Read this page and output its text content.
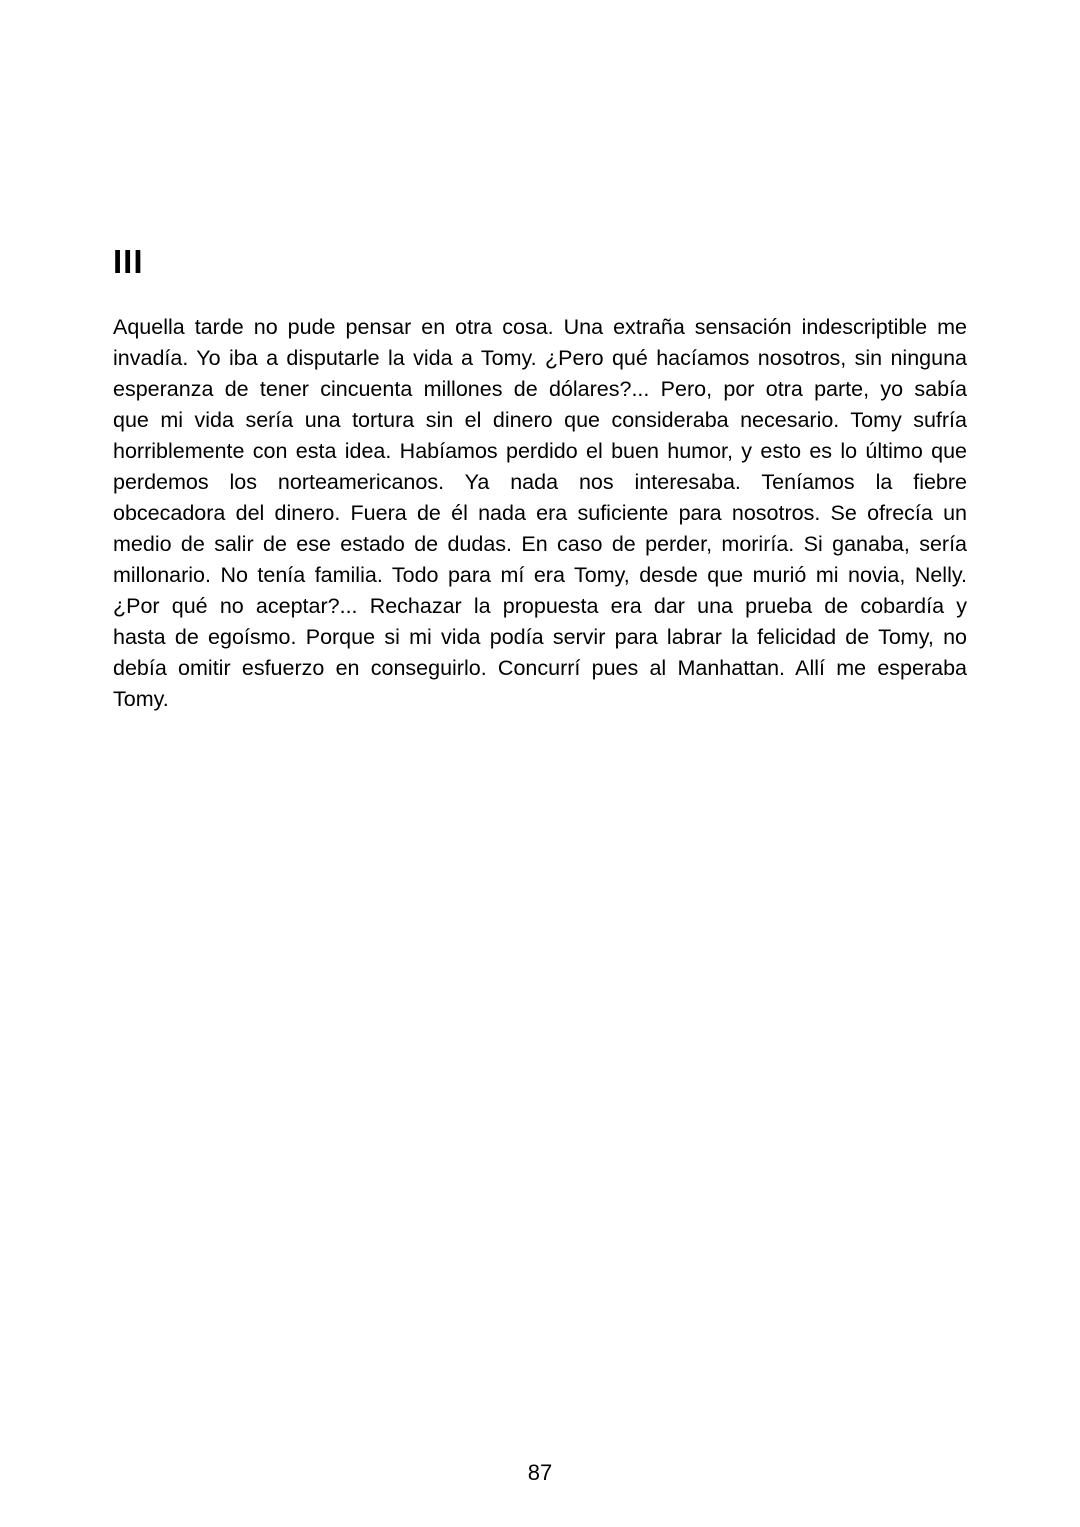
III

Aquella tarde no pude pensar en otra cosa. Una extraña sensación indescriptible me invadía. Yo iba a disputarle la vida a Tomy. ¿Pero qué hacíamos nosotros, sin ninguna esperanza de tener cincuenta millones de dólares?... Pero, por otra parte, yo sabía que mi vida sería una tortura sin el dinero que consideraba necesario. Tomy sufría horriblemente con esta idea. Habíamos perdido el buen humor, y esto es lo último que perdemos los norteamericanos. Ya nada nos interesaba. Teníamos la fiebre obcecadora del dinero. Fuera de él nada era suficiente para nosotros. Se ofrecía un medio de salir de ese estado de dudas. En caso de perder, moriría. Si ganaba, sería millonario. No tenía familia. Todo para mí era Tomy, desde que murió mi novia, Nelly. ¿Por qué no aceptar?... Rechazar la propuesta era dar una prueba de cobardía y hasta de egoísmo. Porque si mi vida podía servir para labrar la felicidad de Tomy, no debía omitir esfuerzo en conseguirlo. Concurrí pues al Manhattan. Allí me esperaba Tomy.

87
